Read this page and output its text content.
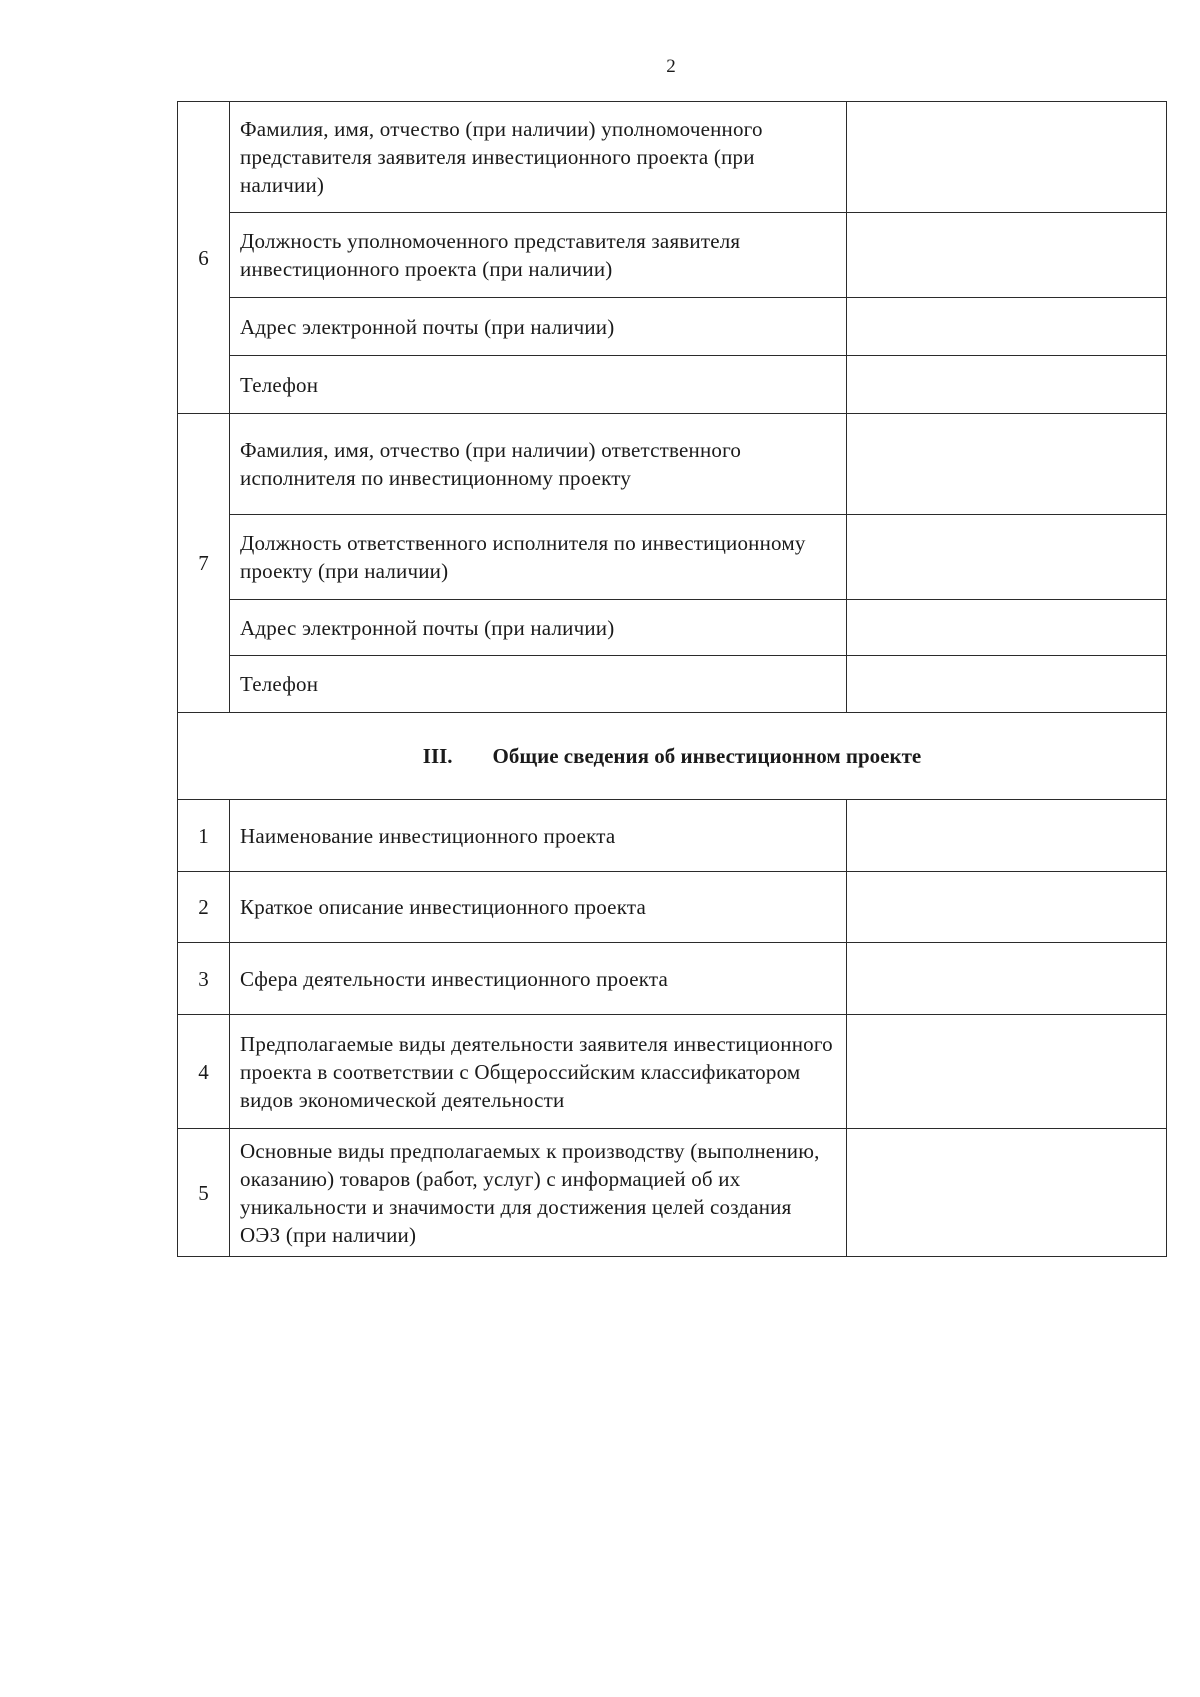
2
6	Фамилия, имя, отчество (при наличии) уполномоченного представителя заявителя инвестиционного проекта (при наличии)	
	Должность уполномоченного представителя заявителя инвестиционного проекта (при наличии)	
	Адрес электронной почты (при наличии)	
	Телефон	
7	Фамилия, имя, отчество (при наличии) ответственного исполнителя по инвестиционному проекту	
	Должность ответственного исполнителя по инвестиционному проекту (при наличии)	
	Адрес электронной почты (при наличии)	
	Телефон	
III. Общие сведения об инвестиционном проекте		
1	Наименование инвестиционного проекта	
2	Краткое описание инвестиционного проекта	
3	Сфера деятельности инвестиционного проекта	
4	Предполагаемые виды деятельности заявителя инвестиционного проекта в соответствии с Общероссийским классификатором видов экономической деятельности	
5	Основные виды предполагаемых к производству (выполнению, оказанию) товаров (работ, услуг) с информацией об их уникальности и значимости для достижения целей создания ОЭЗ (при наличии)	
